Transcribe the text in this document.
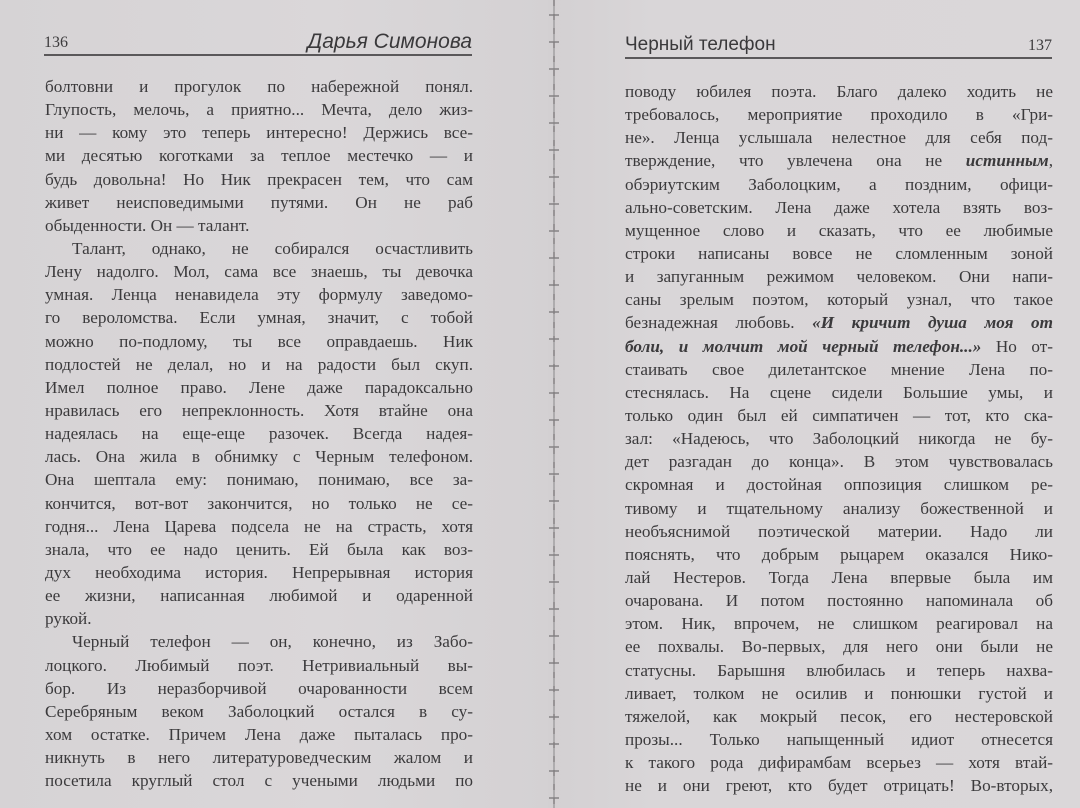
136	Дарья Симонова	Черный телефон	137
болтовни и прогулок по набережной понял.
Глупость, мелочь, а приятно... Мечта, дело жиз-
ни — кому это теперь интересно! Держись все-
ми десятью коготками за теплое местечко — и
будь довольна! Но Ник прекрасен тем, что сам
живет неисповедимыми путями. Он не раб
обыденности. Он — талант.
Талант, однако, не собирался осчастливить
Лену надолго. Мол, сама все знаешь, ты девочка
умная. Ленца ненавидела эту формулу заведомо-
го вероломства. Если умная, значит, с тобой
можно по-подлому, ты все оправдаешь. Ник
подлостей не делал, но и на радости был скуп.
Имел полное право. Лене даже парадоксально
нравилась его непреклонность. Хотя втайне она
надеялась на еще-еще разочек. Всегда надея-
лась. Она жила в обнимку с Черным телефоном.
Она шептала ему: понимаю, понимаю, все за-
кончится, вот-вот закончится, но только не се-
годня... Лена Царева подсела не на страсть, хотя
знала, что ее надо ценить. Ей была как воз-
дух необходима история. Непрерывная история
ее жизни, написанная любимой и одаренной
рукой.
Черный телефон — он, конечно, из Забо-
лоцкого. Любимый поэт. Нетривиальный вы-
бор. Из неразборчивой очарованности всем
Серебряным веком Заболоцкий остался в су-
хом остатке. Причем Лена даже пыталась про-
никнуть в него литературоведческим жалом и
посетила круглый стол с учеными людьми по
поводу юбилея поэта. Благо далеко ходить не
требовалось, мероприятие проходило в «Гри-
не». Ленца услышала нелестное для себя под-
тверждение, что увлечена она не истинным,
обэриутским Заболоцким, а поздним, офици-
ально-советским. Лена даже хотела взять воз-
мущенное слово и сказать, что ее любимые
строки написаны вовсе не сломленным зоной
и запуганным режимом человеком. Они напи-
саны зрелым поэтом, который узнал, что такое
безнадежная любовь. «И кричит душа моя от
боли, и молчит мой черный телефон...» Но от-
стаивать свое дилетантское мнение Лена по-
стеснялась. На сцене сидели Большие умы, и
только один был ей симпатичен — тот, кто ска-
зал: «Надеюсь, что Заболоцкий никогда не бу-
дет разгадан до конца». В этом чувствовалась
скромная и достойная оппозиция слишком ре-
тивому и тщательному анализу божественной и
необъяснимой поэтической материи. Надо ли
пояснять, что добрым рыцарем оказался Нико-
лай Нестеров. Тогда Лена впервые была им
очарована. И потом постоянно напоминала об
этом. Ник, впрочем, не слишком реагировал на
ее похвалы. Во-первых, для него они были не
статусны. Барышня влюбилась и теперь нахва-
ливает, толком не осилив и понюшки густой и
тяжелой, как мокрый песок, его нестеровской
прозы... Только напыщенный идиот отнесется
к такого рода дифирамбам всерьез — хотя втай-
не и они греют, кто будет отрицать! Во-вторых,
